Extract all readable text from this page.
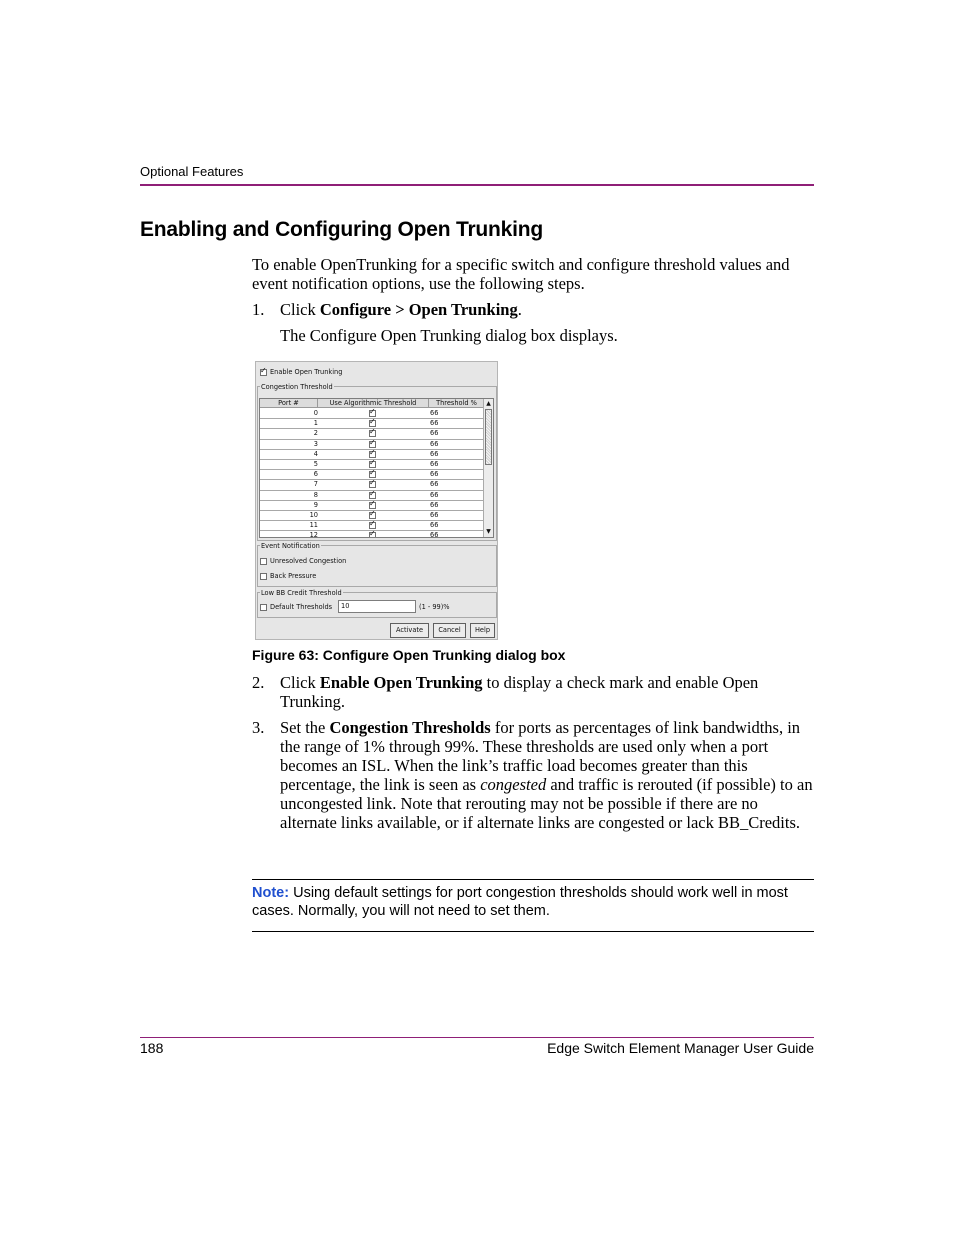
Optional Features
Enabling and Configuring Open Trunking
To enable OpenTrunking for a specific switch and configure threshold values and event notification options, use the following steps.
1. Click Configure > Open Trunking.
The Configure Open Trunking dialog box displays.
✓
Enable Open Trunking
Congestion Threshold
Port #	Use Algorithmic Threshold	Threshold %
0 ✓	66
1 ✓	66
2 ✓	66
3 ✓	66
4 ✓	66
5 ✓	66
6 ✓	66
7 ✓	66
8 ✓	66
9 ✓	66
10 ✓	66
11 ✓	66
12 ✓	66
▲
▼
Event Notification
Unresolved Congestion
Back Pressure
Low BB Credit Threshold
Default Thresholds	10	(1 - 99)%
Activate	Cancel	Help
Figure 63: Configure Open Trunking dialog box
2. Click Enable Open Trunking to display a check mark and enable Open Trunking.
3. Set the Congestion Thresholds for ports as percentages of link bandwidths, in the range of 1% through 99%. These thresholds are used only when a port becomes an ISL. When the link’s traffic load becomes greater than this percentage, the link is seen as congested and traffic is rerouted (if possible) to an uncongested link. Note that rerouting may not be possible if there are no alternate links available, or if alternate links are congested or lack BB_Credits.
Note: Using default settings for port congestion thresholds should work well in most cases. Normally, you will not need to set them.
188	Edge Switch Element Manager User Guide
